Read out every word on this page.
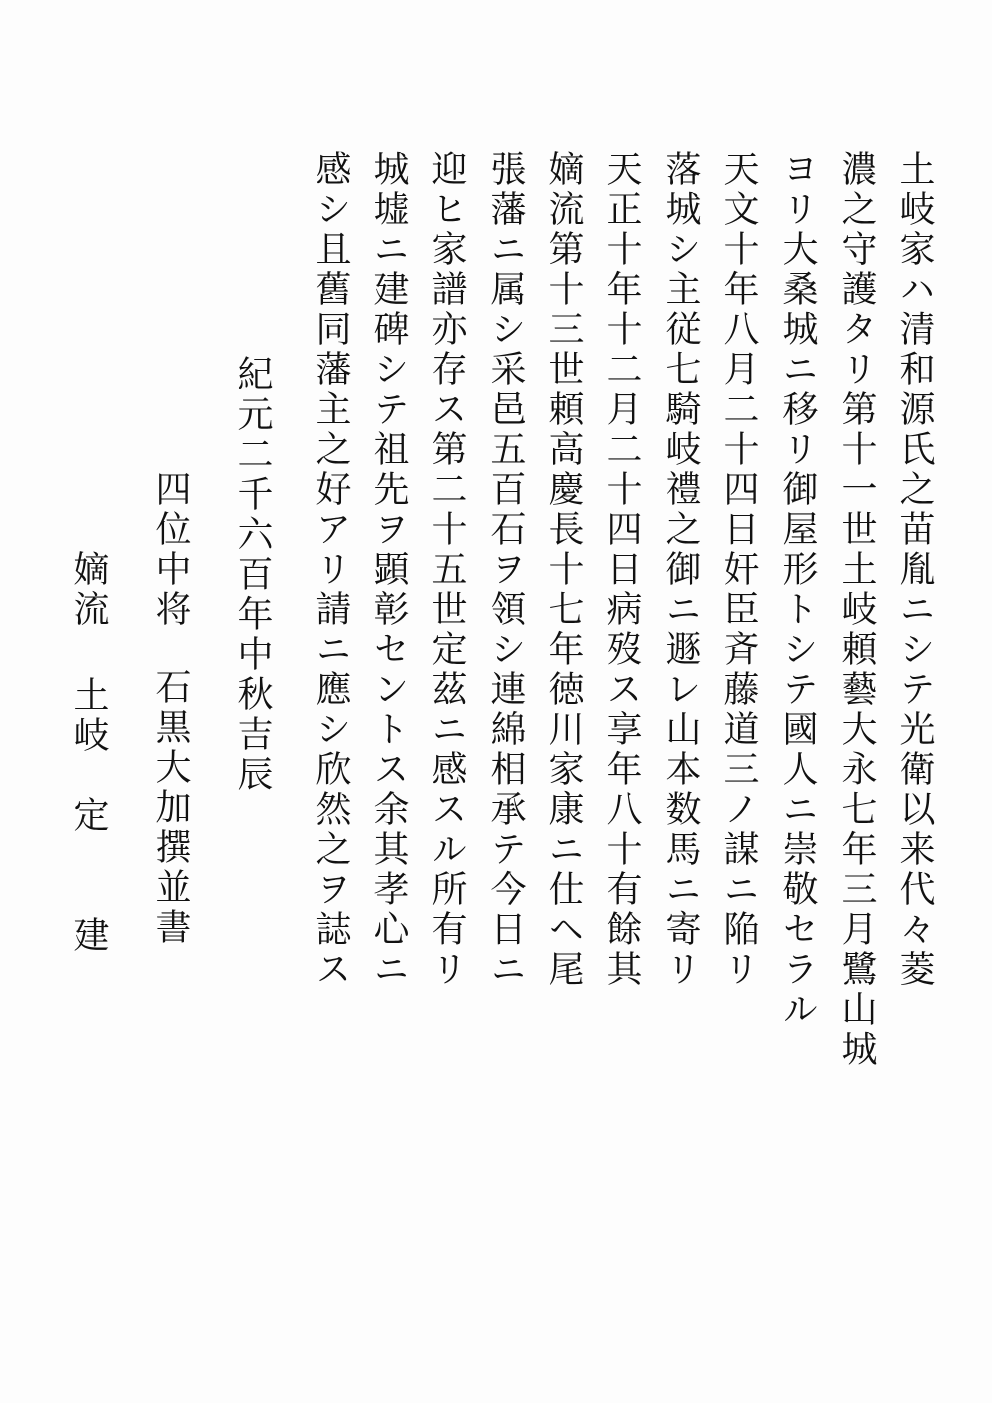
土岐家ハ清和源氏之苗胤ニシテ光衛以来代々菱
濃之守護タリ第十一世土岐頼藝大永七年三月鷺山城
ヨリ大桑城ニ移リ御屋形トシテ國人ニ崇敬セラル
天文十年八月二十四日奸臣斉藤道三ノ謀ニ陥リ
落城シ主従七騎岐禮之御ニ遯レ山本数馬ニ寄リ
天正十年十二月二十四日病歿ス享年八十有餘其
嫡流第十三世頼高慶長十七年徳川家康ニ仕ヘ尾
張藩ニ属シ采邑五百石ヲ領シ連綿相承テ今日ニ
迎ヒ家譜亦存ス第二十五世定茲ニ感スル所有リ
城墟ニ建碑シテ祖先ヲ顕彰セントス余其孝心ニ
感シ且舊同藩主之好アリ請ニ應シ欣然之ヲ誌ス
紀元二千六百年中秋吉辰
四位中将
石黒大加撰並書
嫡流
土岐
定
建
